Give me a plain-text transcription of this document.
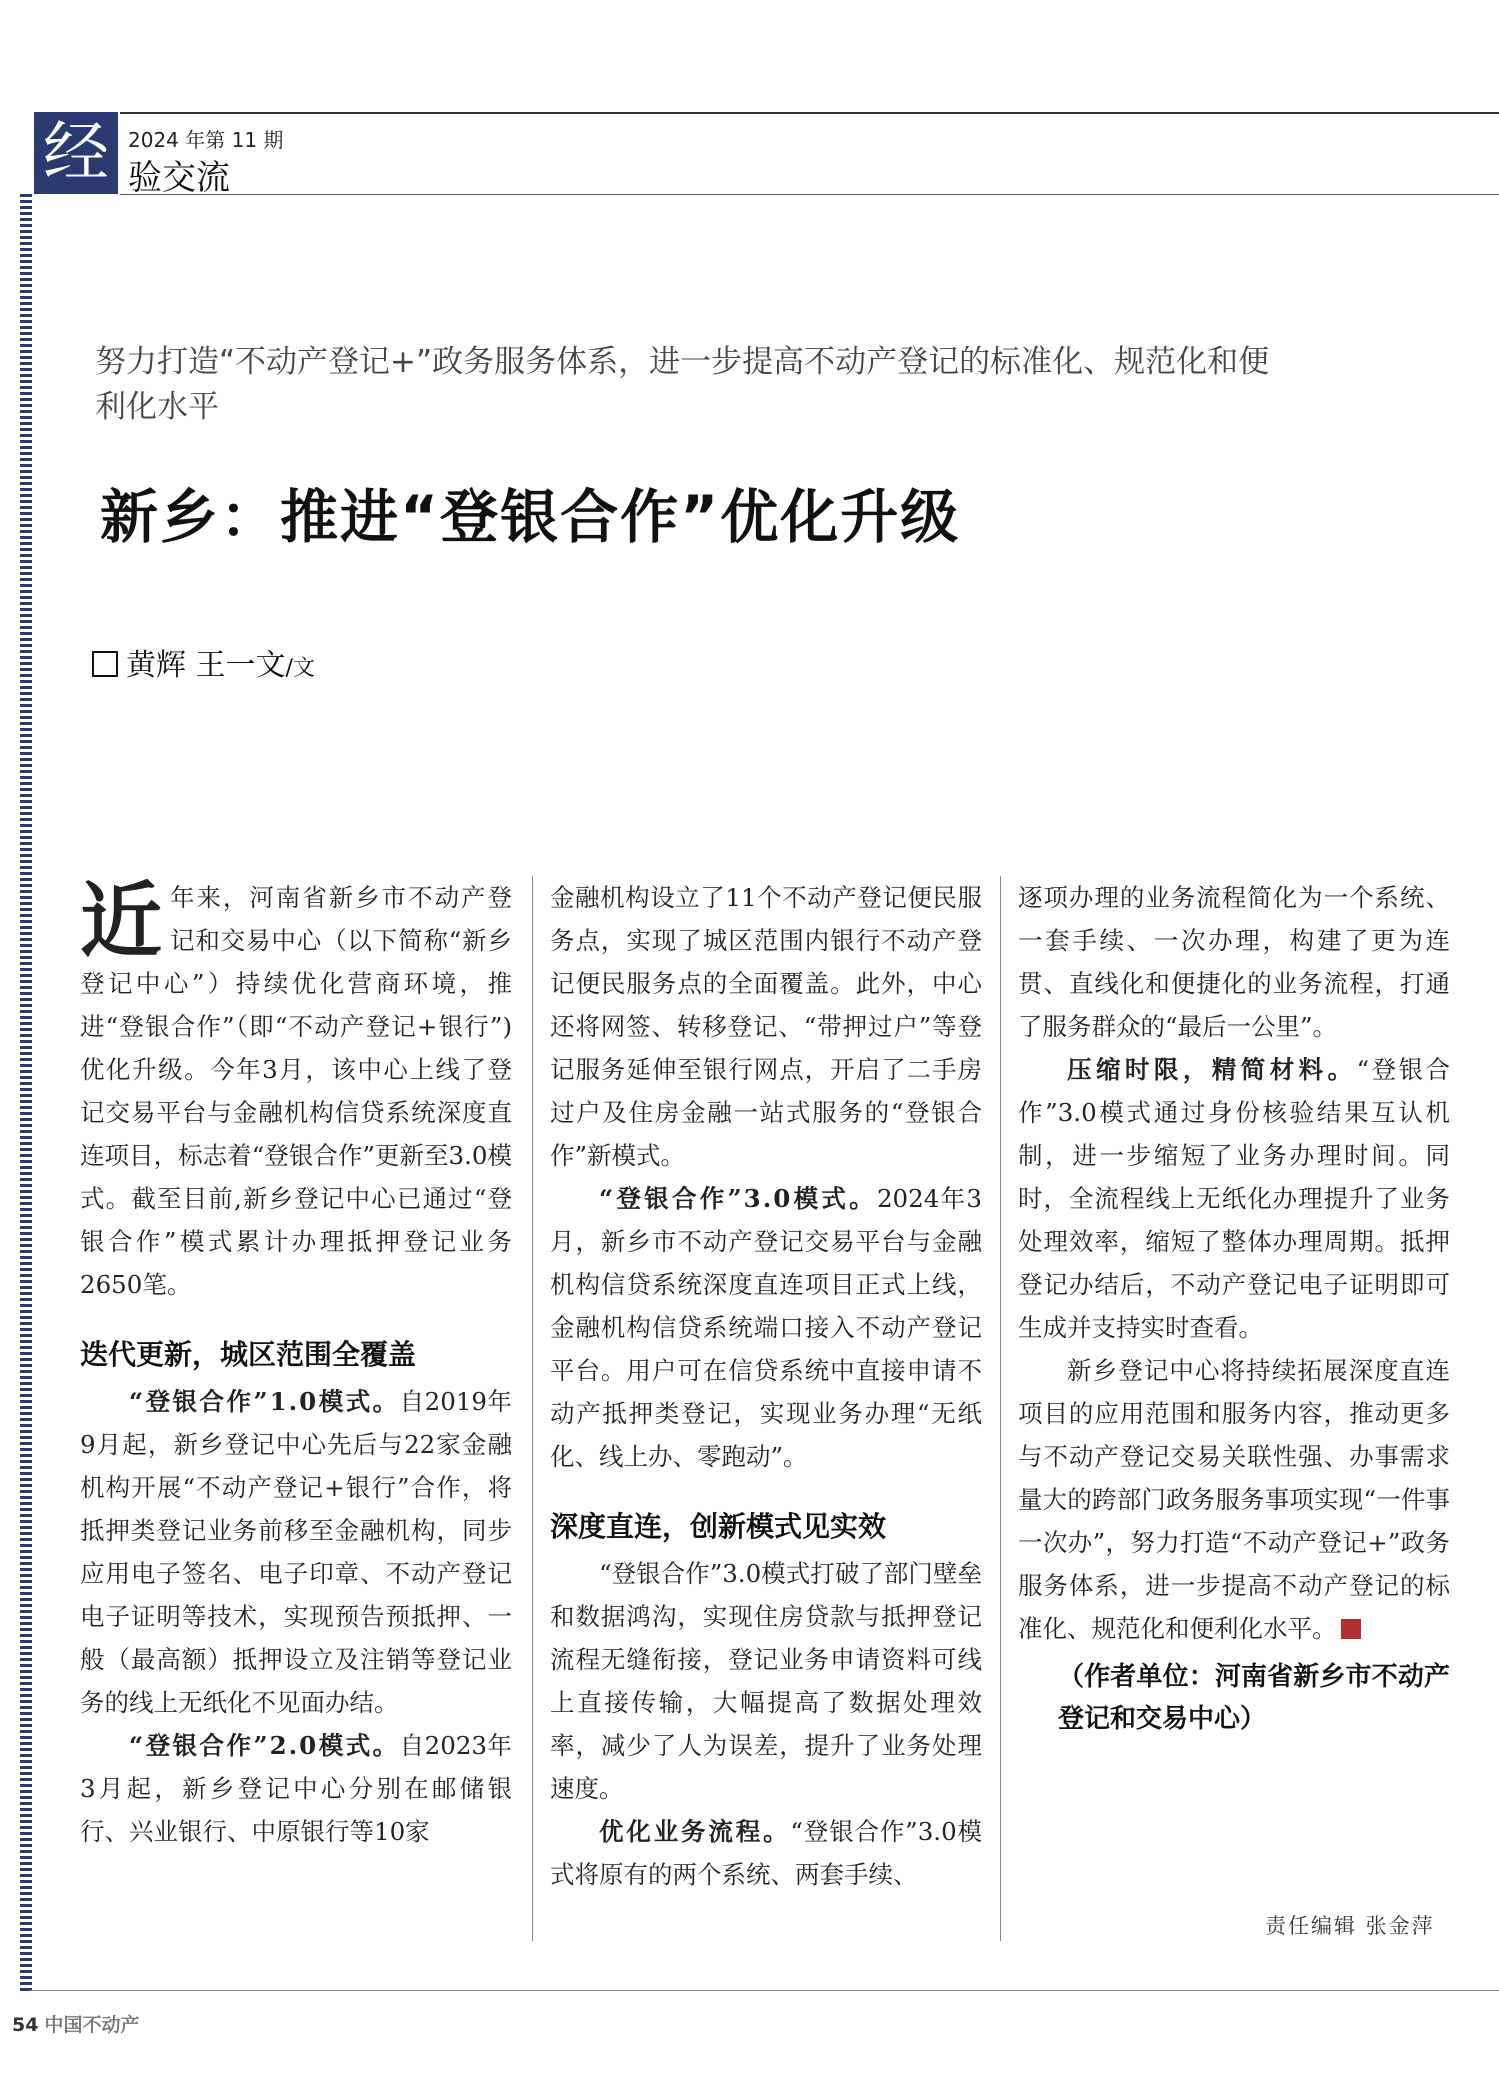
经 2024 年第 11 期
验交流
努力打造“不动产登记+”政务服务体系，进一步提高不动产登记的标准化、规范化和便利化水平
新乡：推进“登银合作”优化升级
黄辉 王一文/文

近年来，河南省新乡市不动产登记和交易中心（以下简称“新乡登记中心”）持续优化营商环境，推进“登银合作”（即“不动产登记+银行”)优化升级。今年3月，该中心上线了登记交易平台与金融机构信贷系统深度直连项目，标志着“登银合作”更新至3.0模式。截至目前,新乡登记中心已通过“登银合作”模式累计办理抵押登记业务2650笔。

迭代更新，城区范围全覆盖

“登银合作”1.0模式。自2019年9月起，新乡登记中心先后与22家金融机构开展“不动产登记+银行”合作，将抵押类登记业务前移至金融机构，同步应用电子签名、电子印章、不动产登记电子证明等技术，实现预告预抵押、一般（最高额）抵押设立及注销等登记业务的线上无纸化不见面办结。

“登银合作”2.0模式。自2023年3月起，新乡登记中心分别在邮储银行、兴业银行、中原银行等10家

金融机构设立了11个不动产登记便民服务点，实现了城区范围内银行不动产登记便民服务点的全面覆盖。此外，中心还将网签、转移登记、“带押过户”等登记服务延伸至银行网点，开启了二手房过户及住房金融一站式服务的“登银合作”新模式。

“登银合作”3.0模式。2024年3月，新乡市不动产登记交易平台与金融机构信贷系统深度直连项目正式上线，金融机构信贷系统端口接入不动产登记平台。用户可在信贷系统中直接申请不动产抵押类登记，实现业务办理“无纸化、线上办、零跑动”。

深度直连，创新模式见实效

“登银合作”3.0模式打破了部门壁垒和数据鸿沟，实现住房贷款与抵押登记流程无缝衔接，登记业务申请资料可线上直接传输，大幅提高了数据处理效率，减少了人为误差，提升了业务处理速度。

优化业务流程。“登银合作”3.0模式将原有的两个系统、两套手续、

逐项办理的业务流程简化为一个系统、一套手续、一次办理，构建了更为连贯、直线化和便捷化的业务流程，打通了服务群众的“最后一公里”。

压缩时限，精简材料。“登银合作”3.0模式通过身份核验结果互认机制，进一步缩短了业务办理时间。同时，全流程线上无纸化办理提升了业务处理效率，缩短了整体办理周期。抵押登记办结后，不动产登记电子证明即可生成并支持实时查看。

新乡登记中心将持续拓展深度直连项目的应用范围和服务内容，推动更多与不动产登记交易关联性强、办事需求量大的跨部门政务服务事项实现“一件事一次办”，努力打造“不动产登记+”政务服务体系，进一步提高不动产登记的标准化、规范化和便利化水平。

（作者单位：河南省新乡市不动产登记和交易中心）
责任编辑 张金萍
54 中国不动产
